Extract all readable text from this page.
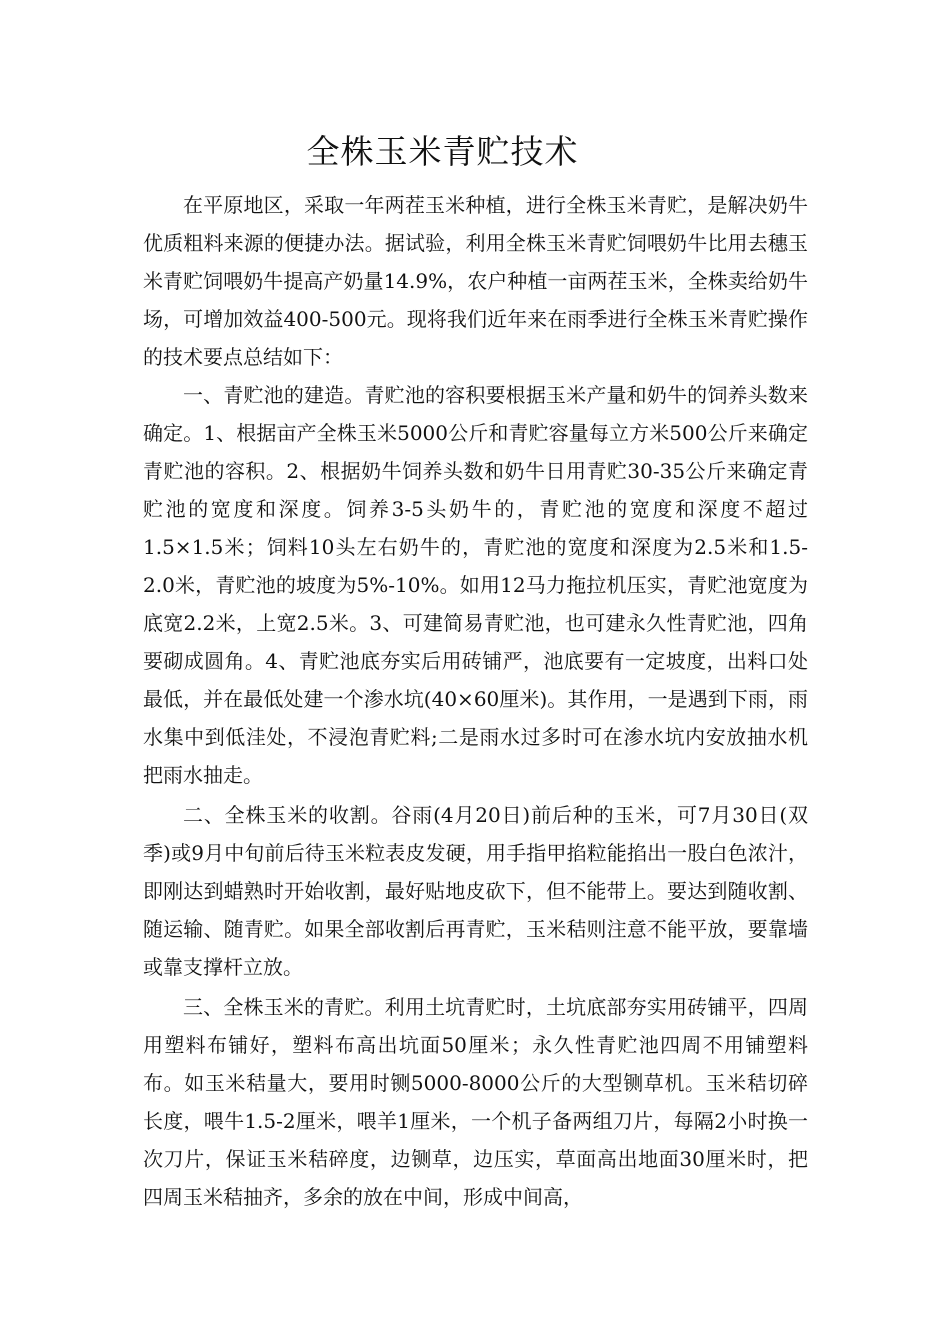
全株玉米青贮技术

在平原地区，采取一年两茬玉米种植，进行全株玉米青贮，是解决奶牛优质粗料来源的便捷办法。据试验，利用全株玉米青贮饲喂奶牛比用去穗玉米青贮饲喂奶牛提高产奶量14.9%，农户种植一亩两茬玉米，全株卖给奶牛场，可增加效益400-500元。现将我们近年来在雨季进行全株玉米青贮操作的技术要点总结如下：

一、青贮池的建造。青贮池的容积要根据玉米产量和奶牛的饲养头数来确定。1、根据亩产全株玉米5000公斤和青贮容量每立方米500公斤来确定青贮池的容积。2、根据奶牛饲养头数和奶牛日用青贮30-35公斤来确定青贮池的宽度和深度。饲养3-5头奶牛的，青贮池的宽度和深度不超过1.5×1.5米；饲料10头左右奶牛的，青贮池的宽度和深度为2.5米和1.5-2.0米，青贮池的坡度为5%-10%。如用12马力拖拉机压实，青贮池宽度为底宽2.2米，上宽2.5米。3、可建简易青贮池，也可建永久性青贮池，四角要砌成圆角。4、青贮池底夯实后用砖铺严，池底要有一定坡度，出料口处最低，并在最低处建一个渗水坑(40×60厘米)。其作用，一是遇到下雨，雨水集中到低洼处，不浸泡青贮料;二是雨水过多时可在渗水坑内安放抽水机把雨水抽走。

二、全株玉米的收割。谷雨(4月20日)前后种的玉米，可7月30日(双季)或9月中旬前后待玉米粒表皮发硬，用手指甲掐粒能掐出一股白色浓汁，即刚达到蜡熟时开始收割，最好贴地皮砍下，但不能带上。要达到随收割、随运输、随青贮。如果全部收割后再青贮，玉米秸则注意不能平放，要靠墙或靠支撑杆立放。

三、全株玉米的青贮。利用土坑青贮时，土坑底部夯实用砖铺平，四周用塑料布铺好，塑料布高出坑面50厘米；永久性青贮池四周不用铺塑料布。如玉米秸量大，要用时铡5000-8000公斤的大型铡草机。玉米秸切碎长度，喂牛1.5-2厘米，喂羊1厘米，一个机子备两组刀片，每隔2小时换一次刀片，保证玉米秸碎度，边铡草，边压实，草面高出地面30厘米时，把四周玉米秸抽齐，多余的放在中间，形成中间高，
